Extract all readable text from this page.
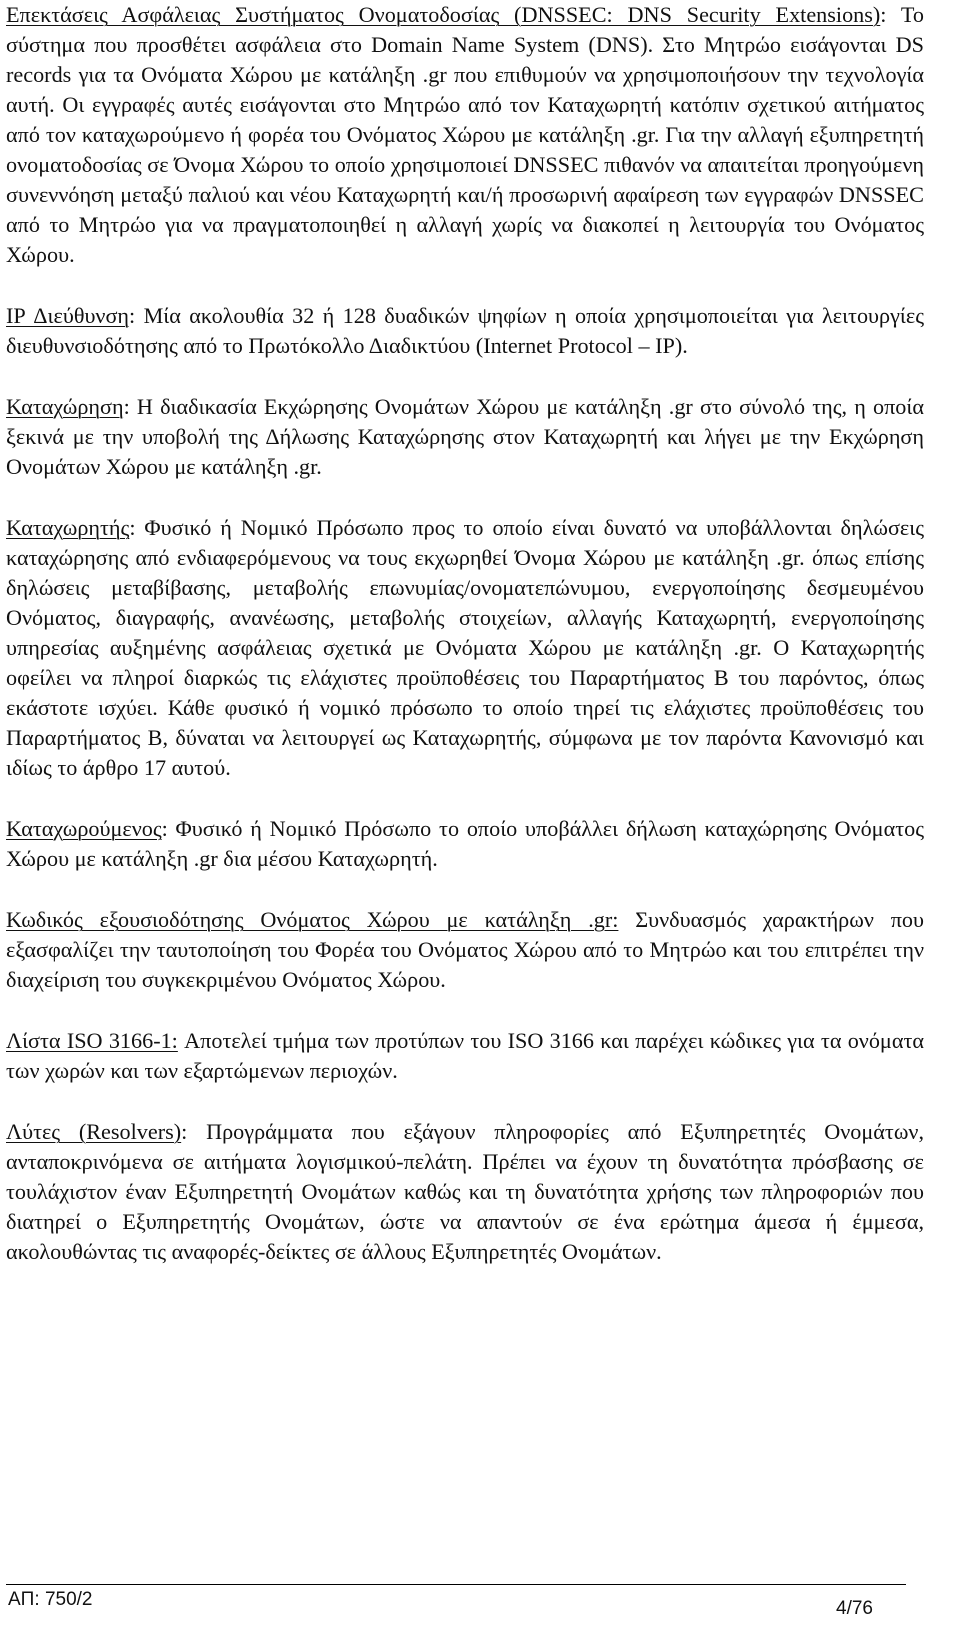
Επεκτάσεις Ασφάλειας Συστήματος Ονοματοδοσίας (DNSSEC: DNS Security Extensions): Το σύστημα που προσθέτει ασφάλεια στο Domain Name System (DNS). Στο Μητρώο εισάγονται DS records για τα Ονόματα Χώρου με κατάληξη .gr που επιθυμούν να χρησιμοποιήσουν την τεχνολογία αυτή. Οι εγγραφές αυτές εισάγονται στο Μητρώο από τον Καταχωρητή κατόπιν σχετικού αιτήματος από τον καταχωρούμενο ή φορέα του Ονόματος Χώρου με κατάληξη .gr. Για την αλλαγή εξυπηρετητή ονοματοδοσίας σε Όνομα Χώρου το οποίο χρησιμοποιεί DNSSEC πιθανόν να απαιτείται προηγούμενη συνεννόηση μεταξύ παλιού και νέου Καταχωρητή και/ή προσωρινή αφαίρεση των εγγραφών DNSSEC από το Μητρώο για να πραγματοποιηθεί η αλλαγή χωρίς να διακοπεί η λειτουργία του Ονόματος Χώρου.

IP Διεύθυνση: Μία ακολουθία 32 ή 128 δυαδικών ψηφίων η οποία χρησιμοποιείται για λειτουργίες διευθυνσιοδότησης από το Πρωτόκολλο Διαδικτύου (Internet Protocol – IP).

Καταχώρηση: Η διαδικασία Εκχώρησης Ονομάτων Χώρου με κατάληξη .gr στο σύνολό της, η οποία ξεκινά με την υποβολή της Δήλωσης Καταχώρησης στον Καταχωρητή και λήγει με την Εκχώρηση Ονομάτων Χώρου με κατάληξη .gr.

Καταχωρητής: Φυσικό ή Νομικό Πρόσωπο προς το οποίο είναι δυνατό να υποβάλλονται δηλώσεις καταχώρησης από ενδιαφερόμενους να τους εκχωρηθεί Όνομα Χώρου με κατάληξη .gr. όπως επίσης δηλώσεις μεταβίβασης, μεταβολής επωνυμίας/ονοματεπώνυμου, ενεργοποίησης δεσμευμένου Ονόματος, διαγραφής, ανανέωσης, μεταβολής στοιχείων, αλλαγής Καταχωρητή, ενεργοποίησης υπηρεσίας αυξημένης ασφάλειας σχετικά με Ονόματα Χώρου με κατάληξη .gr. Ο Καταχωρητής οφείλει να πληροί διαρκώς τις ελάχιστες προϋποθέσεις του Παραρτήματος Β του παρόντος, όπως εκάστοτε ισχύει. Κάθε φυσικό ή νομικό πρόσωπο το οποίο τηρεί τις ελάχιστες προϋποθέσεις του Παραρτήματος Β, δύναται να λειτουργεί ως Καταχωρητής, σύμφωνα με τον παρόντα Κανονισμό και ιδίως το άρθρο 17 αυτού.

Καταχωρούμενος: Φυσικό ή Νομικό Πρόσωπο το οποίο υποβάλλει δήλωση καταχώρησης Ονόματος Χώρου με κατάληξη .gr δια μέσου Καταχωρητή.

Κωδικός εξουσιοδότησης Ονόματος Χώρου με κατάληξη .gr: Συνδυασμός χαρακτήρων που εξασφαλίζει την ταυτοποίηση του Φορέα του Ονόματος Χώρου από το Μητρώο και του επιτρέπει την διαχείριση του συγκεκριμένου Ονόματος Χώρου.

Λίστα ISO 3166-1: Αποτελεί τμήμα των προτύπων του ISO 3166 και παρέχει κώδικες για τα ονόματα των χωρών και των εξαρτώμενων περιοχών.

Λύτες (Resolvers): Προγράμματα που εξάγουν πληροφορίες από Εξυπηρετητές Ονομάτων, ανταποκρινόμενα σε αιτήματα λογισμικού-πελάτη. Πρέπει να έχουν τη δυνατότητα πρόσβασης σε τουλάχιστον έναν Εξυπηρετητή Ονομάτων καθώς και τη δυνατότητα χρήσης των πληροφοριών που διατηρεί ο Εξυπηρετητής Ονομάτων, ώστε να απαντούν σε ένα ερώτημα άμεσα ή έμμεσα, ακολουθώντας τις αναφορές-δείκτες σε άλλους Εξυπηρετητές Ονομάτων.

ΑΠ: 750/2	4/76
